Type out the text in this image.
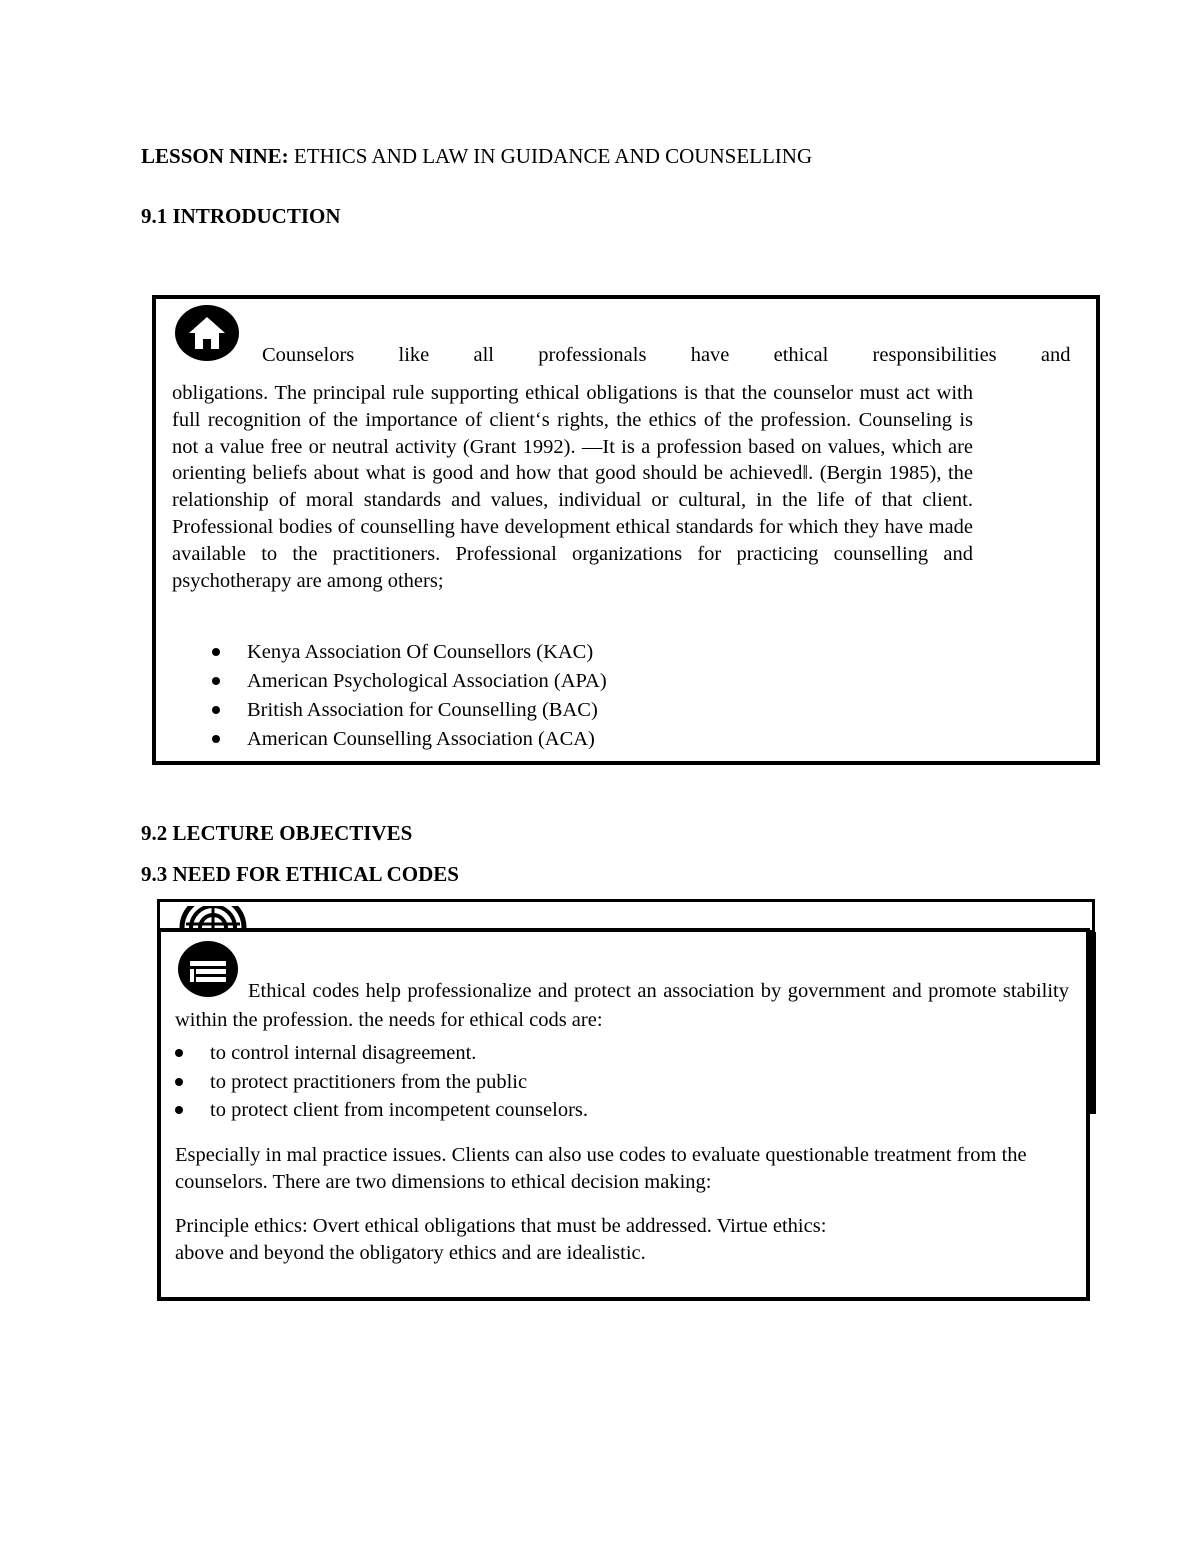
LESSON NINE: ETHICS AND LAW IN GUIDANCE AND COUNSELLING
9.1 INTRODUCTION
Counselors like all professionals have ethical responsibilities and
obligations. The principal rule supporting ethical obligations is that the counselor must act with full recognition of the importance of client‘s rights, the ethics of the profession. Counseling is not a value free or neutral activity (Grant 1992). —It is a profession based on values, which are orienting beliefs about what is good and how that good should be achieved‖. (Bergin 1985), the relationship of moral standards and values, individual or cultural, in the life of that client. Professional bodies of counselling have development ethical standards for which they have made available to the practitioners. Professional organizations for practicing counselling and psychotherapy are among others;
Kenya Association Of Counsellors (KAC)
American Psychological Association (APA)
British Association for Counselling (BAC)
American Counselling Association (ACA)
9.2 LECTURE OBJECTIVES
9.3 NEED FOR ETHICAL CODES
Ethical codes help professionalize and protect an association by government and promote stability within the profession. the needs for ethical cods are:
to control internal disagreement.
to protect practitioners from the public
to protect client from incompetent counselors.
Especially in mal practice issues. Clients can also use codes to evaluate questionable treatment from the counselors. There are two dimensions to ethical decision making:
Principle ethics: Overt ethical obligations that must be addressed. Virtue ethics:
above and beyond the obligatory ethics and are idealistic.
